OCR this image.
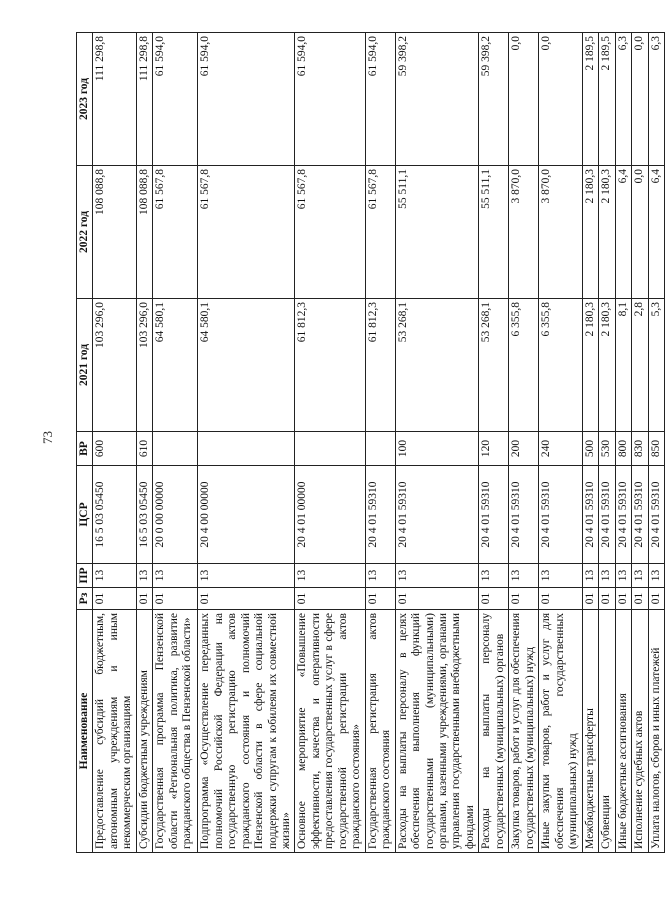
73
Наименование	Рз	ПР	ЦСР	ВР	2021 год	2022 год	2023 год
Предоставление субсидий бюджетным, автономным учреждениям и иным некоммерческим организациям	01	13	16 5 03 05450	600	103 296,0	108 088,8	111 298,8
Субсидии бюджетным учреждениям	01	13	16 5 03 05450	610	103 296,0	108 088,8	111 298,8
Государственная программа Пензенской области «Региональная политика, развитие гражданского общества в Пензенской области»	01	13	20 0 00 00000		64 580,1	61 567,8	61 594,0
Подпрограмма «Осуществление переданных полномочий Российской Федерации на государственную регистрацию актов гражданского состояния и полномочий Пензенской области в сфере социальной поддержки супругам к юбилеям их совместной жизни»	01	13	20 4 00 00000		64 580,1	61 567,8	61 594,0
Основное мероприятие «Повышение эффективности, качества и оперативности предоставления государственных услуг в сфере государственной регистрации актов гражданского состояния»	01	13	20 4 01 00000		61 812,3	61 567,8	61 594,0
Государственная регистрация актов гражданского состояния	01	13	20 4 01 59310		61 812,3	61 567,8	61 594,0
Расходы на выплаты персоналу в целях обеспечения выполнения функций государственными (муниципальными) органами, казенными учреждениями, органами управления государственными внебюджетными фондами	01	13	20 4 01 59310	100	53 268,1	55 511,1	59 398,2
Расходы на выплаты персоналу государственных (муниципальных) органов	01	13	20 4 01 59310	120	53 268,1	55 511,1	59 398,2
Закупка товаров, работ и услуг для обеспечения государственных (муниципальных) нужд	01	13	20 4 01 59310	200	6 355,8	3 870,0	0,0
Иные закупки товаров, работ и услуг для обеспечения государственных (муниципальных) нужд	01	13	20 4 01 59310	240	6 355,8	3 870,0	0,0
Межбюджетные трансферты	01	13	20 4 01 59310	500	2 180,3	2 180,3	2 189,5
Субвенции	01	13	20 4 01 59310	530	2 180,3	2 180,3	2 189,5
Иные бюджетные ассигнования	01	13	20 4 01 59310	800	8,1	6,4	6,3
Исполнение судебных актов	01	13	20 4 01 59310	830	2,8	0,0	0,0
Уплата налогов, сборов и иных платежей	01	13	20 4 01 59310	850	5,3	6,4	6,3
